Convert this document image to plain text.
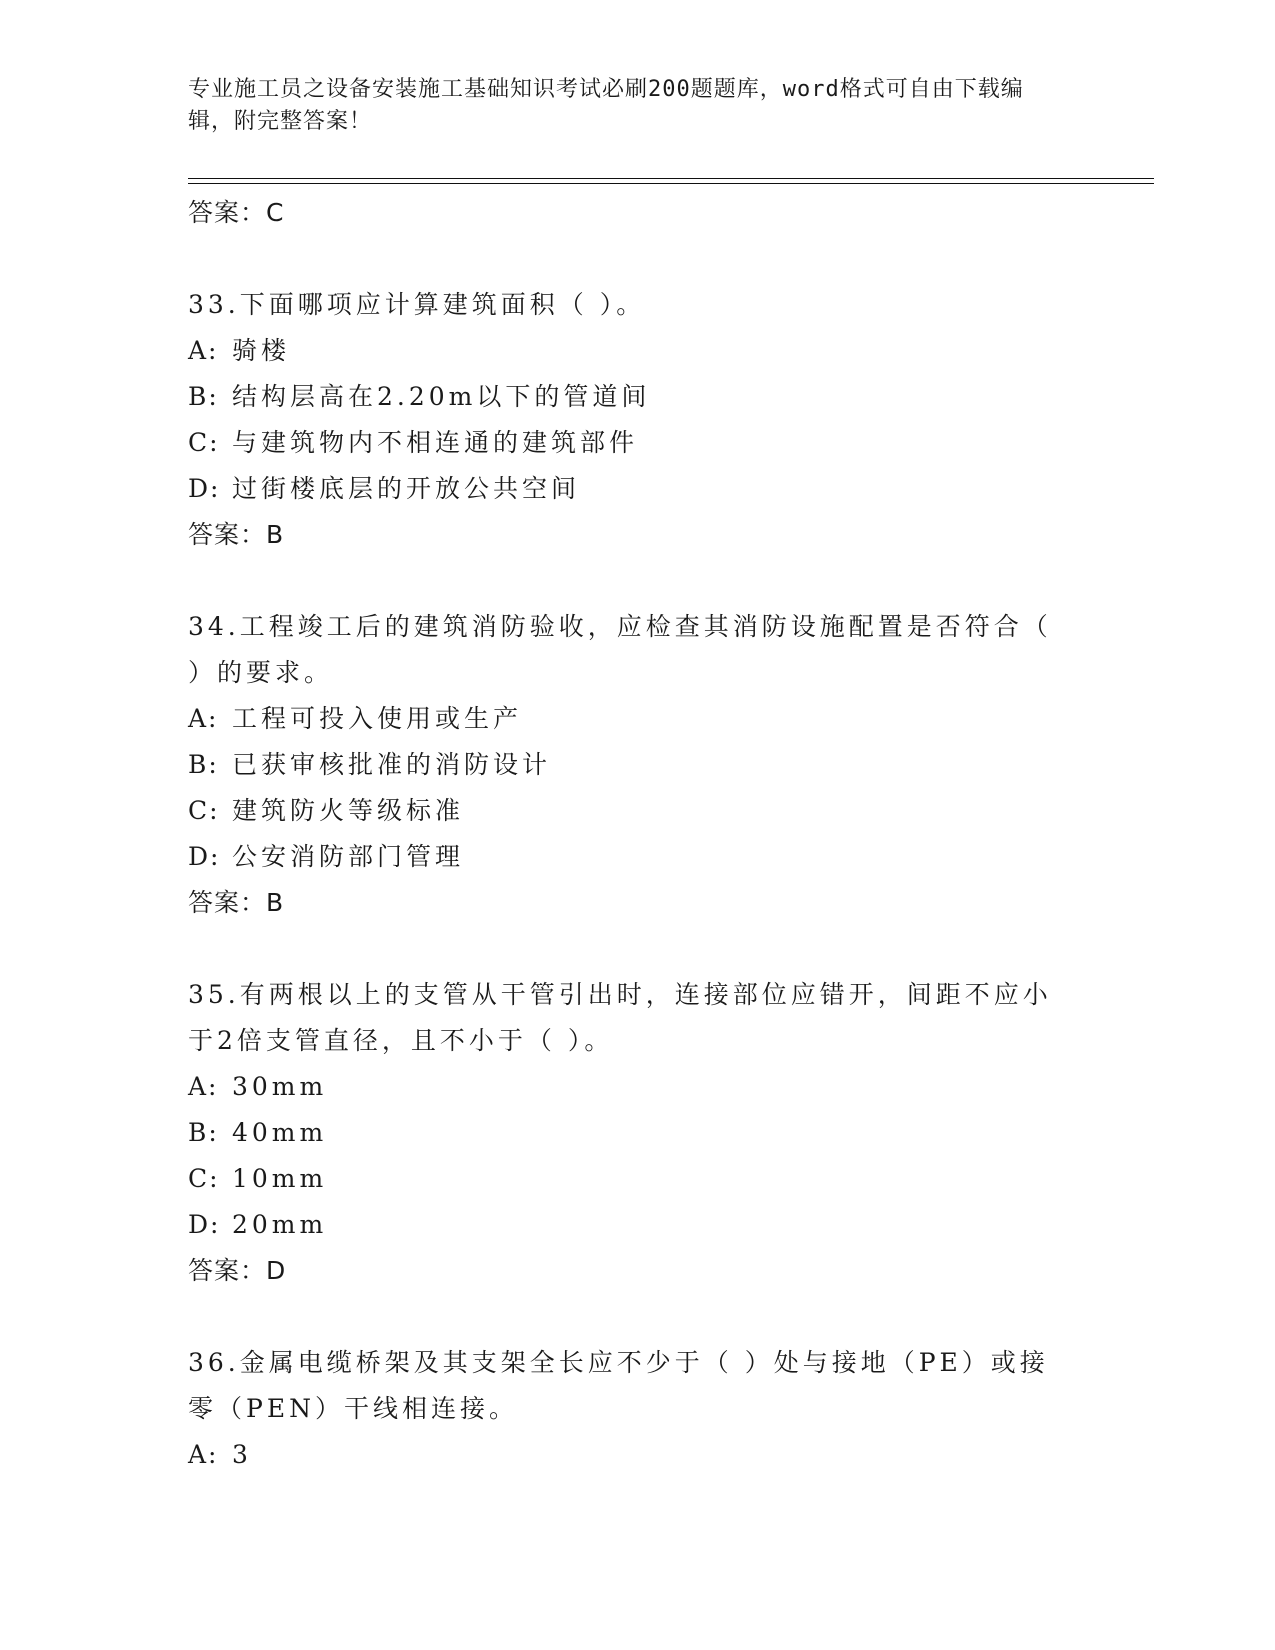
专业施工员之设备安装施工基础知识考试必刷200题题库，word格式可自由下载编辑，附完整答案！
答案：C
33.下面哪项应计算建筑面积（ ）。
A: 骑楼
B: 结构层高在2.20m以下的管道间
C: 与建筑物内不相连通的建筑部件
D: 过街楼底层的开放公共空间
答案：B
34.工程竣工后的建筑消防验收，应检查其消防设施配置是否符合（ ）的要求。
A: 工程可投入使用或生产
B: 已获审核批准的消防设计
C: 建筑防火等级标准
D: 公安消防部门管理
答案：B
35.有两根以上的支管从干管引出时，连接部位应错开，间距不应小于2倍支管直径，且不小于（ ）。
A: 30mm
B: 40mm
C: 10mm
D: 20mm
答案：D
36.金属电缆桥架及其支架全长应不少于（ ）处与接地（PE）或接零（PEN）干线相连接。
A: 3
